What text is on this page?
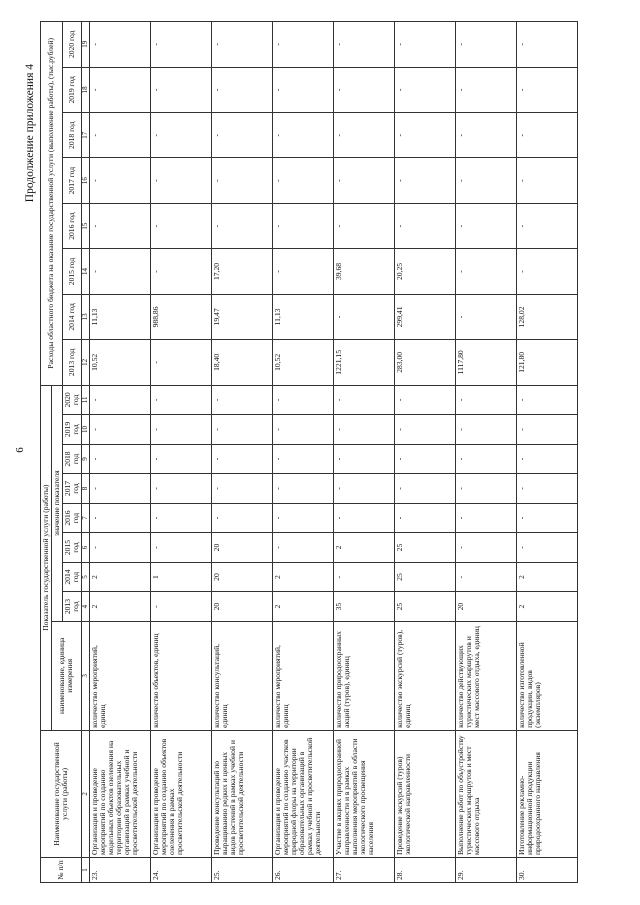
6
Продолжение приложения 4
№ п/п	Наименование государственной услуги (работы)	Показатель государственной услуги (работы)									Расходы областного бюджета на оказание государственной услуги (выполнение работы), (тыс.рублей)							
		наименование, единица измерения	значение показателя															
			2013 год	2014 год	2015 год	2016 год	2017 год	2018 год	2019 год	2020 год	2013 год	2014 год	2015 год	2016 год	2017 год	2018 год	2019 год	2020 год
1	2	3	4	5	6	7	8	9	10	11	12	13	14	15	16	17	18	19
23.	Организация и проведение мероприятий по созданию модельных объектов озеленения на территории образовательных организаций в рамках учебной и просветительской деятельности	количество мероприятий, единиц	2	2	-	-	-	-	-	-	10,52	11,13	-	-	-	-	-	-
24.	Организация и проведение мероприятий по созданию объектов озеленения в рамках просветительской деятельности	количество объектов, единиц	-	1	-	-	-	-	-	-	-	988,86	-	-	-	-	-	-
25.	Проведение консультаций по выращиванию редких и ценных видов растений в рамках учебной и просветительской деятельности	количество консультаций, единиц	20	20	20	-	-	-	-	-	18,40	19,47	17,20	-	-	-	-	-
26.	Организация и проведение мероприятий по созданию участков природной флоры на территории образовательных организаций в рамках учебной и просветительской деятельности	количество мероприятий, единиц	2	2	-	-	-	-	-	-	10,52	11,13	-	-	-	-	-	-
27.	Участие в акциях природоохранной направленности и в рамках выполнения мероприятий в области экологического просвещения населения	количество природоохранных акций (туров), единиц	35	-	2	-	-	-	-	-	1221,15	-	39,68	-	-	-	-	-
28.	Проведение экскурсий (туров) экологической направленности	количество экскурсий (туров), единиц	25	25	25	-	-	-	-	-	283,00	299,41	20,25	-	-	-	-	-
29.	Выполнение работ по объустройству туристических маршрутов и мест массового отдыха	количество действующих туристических маршрутов и мест массового отдыха, единиц	20	-	-	-	-	-	-	-	1117,80	-	-	-	-	-	-	-
30.	Изготовление рекламно-информационной продукции природоохранного направления	количество изготовленной продукции, видов (экземпляров)	2	2	-	-	-	-	-	-	121,80	128,02	-	-	-	-	-	-
